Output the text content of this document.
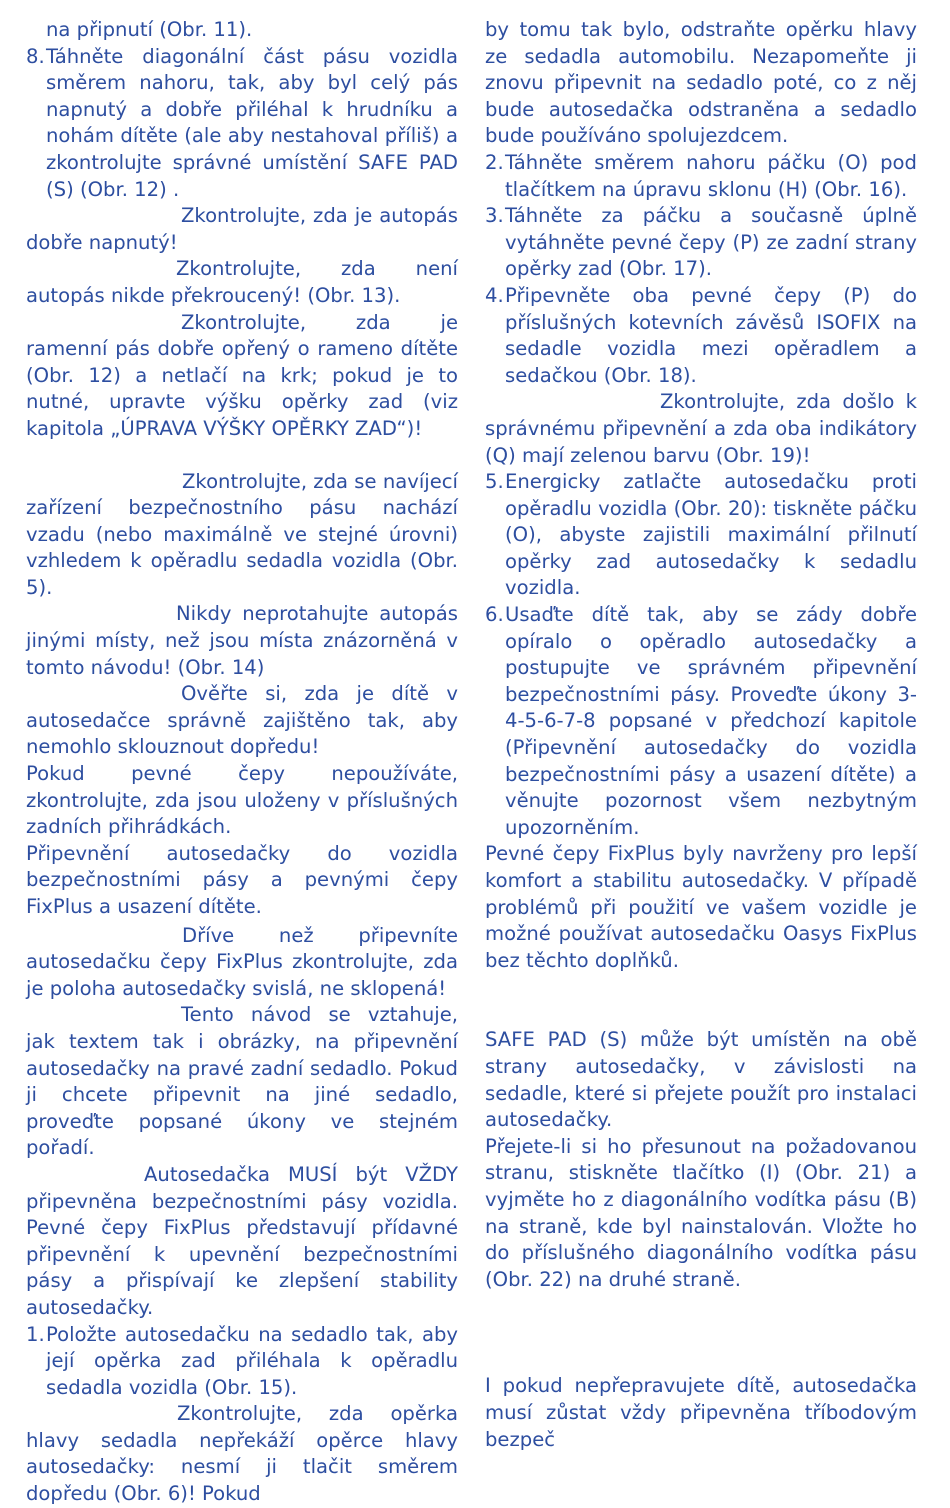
na připnutí (Obr. 11).

8. Táhněte diagonální část pásu vozidla směrem nahoru, tak, aby byl celý pás napnutý a dobře přiléhal k hrudníku a nohám dítěte (ale aby nestahoval příliš) a zkontrolujte správné umístění SAFE PAD (S) (Obr. 12) .

Zkontrolujte, zda je autopás dobře napnutý!

Zkontrolujte, zda není autopás nikde překroucený! (Obr. 13).

Zkontrolujte, zda je ramenní pás dobře opřený o rameno dítěte (Obr. 12) a netlačí na krk; pokud je to nutné, upravte výšku opěrky zad (viz kapitola „ÚPRAVA VÝŠKY OPĚRKY ZAD“)!

Zkontrolujte, zda se navíjecí zařízení bezpečnostního pásu nachází vzadu (nebo maximálně ve stejné úrovni) vzhledem k opěradlu sedadla vozidla (Obr. 5).

Nikdy neprotahujte autopás jinými místy, než jsou místa znázorněná v tomto návodu! (Obr. 14)

Ověřte si, zda je dítě v autosedačce správně zajištěno tak, aby nemohlo sklouznout dopředu!

Pokud pevné čepy nepoužíváte, zkontrolujte, zda jsou uloženy v příslušných zadních přihrádkách.

Připevnění autosedačky do vozidla bezpečnostními pásy a pevnými čepy FixPlus a usazení dítěte.

Dříve než připevníte autosedačku čepy FixPlus zkontrolujte, zda je poloha autosedačky svislá, ne sklopená!

Tento návod se vztahuje, jak textem tak i obrázky, na připevnění autosedačky na pravé zadní sedadlo. Pokud ji chcete připevnit na jiné sedadlo, proveďte popsané úkony ve stejném pořadí.

Autosedačka MUSÍ být VŽDY připevněna bezpečnostními pásy vozidla. Pevné čepy FixPlus představují přídavné připevnění k upevnění bezpečnostními pásy a přispívají ke zlepšení stability autosedačky.

1. Položte autosedačku na sedadlo tak, aby její opěrka zad přiléhala k opěradlu sedadla vozidla (Obr. 15).

Zkontrolujte, zda opěrka hlavy sedadla nepřekáží opěrce hlavy autosedačky: nesmí ji tlačit směrem dopředu (Obr. 6)! Pokud

by tomu tak bylo, odstraňte opěrku hlavy ze sedadla automobilu. Nezapomeňte ji znovu připevnit na sedadlo poté, co z něj bude autosedačka odstraněna a sedadlo bude používáno spolujezdcem.

2. Táhněte směrem nahoru páčku (O) pod tlačítkem na úpravu sklonu (H) (Obr. 16).
3. Táhněte za páčku a současně úplně vytáhněte pevné čepy (P) ze zadní strany opěrky zad (Obr. 17).
4. Připevněte oba pevné čepy (P) do příslušných kotevních závěsů ISOFIX na sedadle vozidla mezi opěradlem a sedačkou (Obr. 18).

Zkontrolujte, zda došlo k správnému připevnění a zda oba indikátory (Q) mají zelenou barvu (Obr. 19)!

5. Energicky zatlačte autosedačku proti opěradlu vozidla (Obr. 20): tiskněte páčku (O), abyste zajistili maximální přilnutí opěrky zad autosedačky k sedadlu vozidla.
6. Usaďte dítě tak, aby se zády dobře opíralo o opěradlo autosedačky a postupujte ve správném připevnění bezpečnostními pásy. Proveďte úkony 3-4-5-6-7-8 popsané v předchozí kapitole (Připevnění autosedačky do vozidla bezpečnostními pásy a usazení dítěte) a věnujte pozornost všem nezbytným upozorněním.

Pevné čepy FixPlus byly navrženy pro lepší komfort a stabilitu autosedačky. V případě problémů při použití ve vašem vozidle je možné používat autosedačku Oasys FixPlus bez těchto doplňků.

SAFE PAD (S) může být umístěn na obě strany autosedačky, v závislosti na sedadle, které si přejete použít pro instalaci autosedačky.

Přejete-li si ho přesunout na požadovanou stranu, stiskněte tlačítko (I) (Obr. 21) a vyjměte ho z diagonálního vodítka pásu (B) na straně, kde byl nainstalován. Vložte ho do příslušného diagonálního vodítka pásu (Obr. 22) na druhé straně.

I pokud nepřepravujete dítě, autosedačka musí zůstat vždy připevněna tříbodovým bezpeč
